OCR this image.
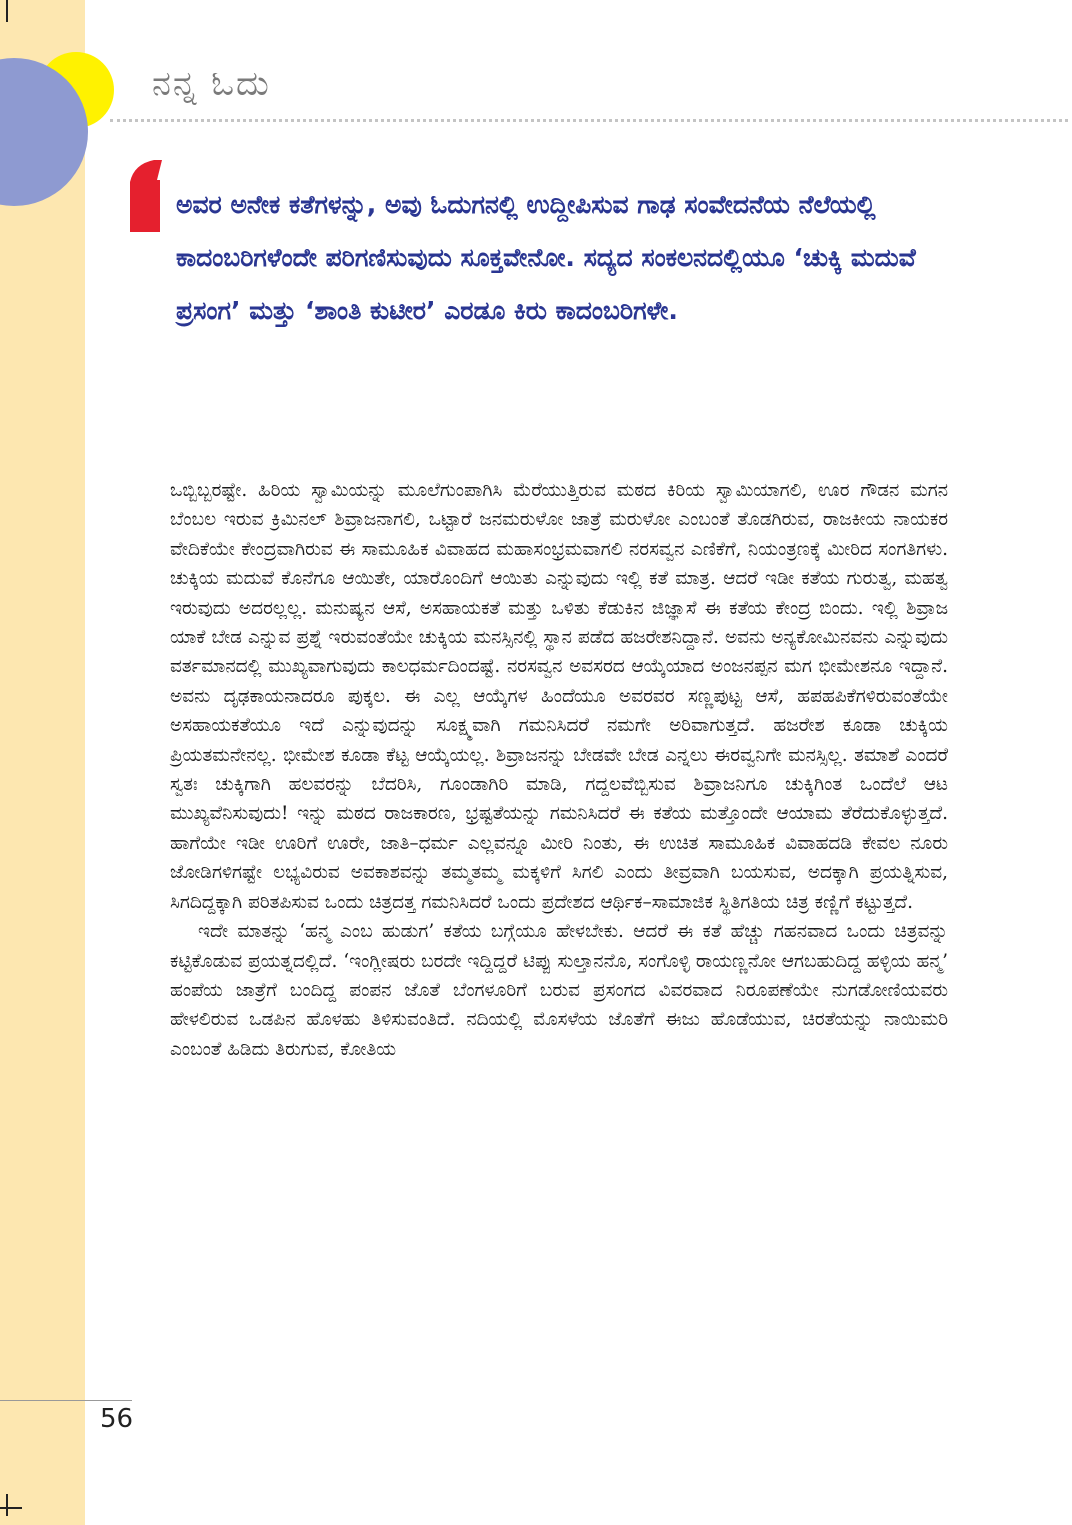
ನನ್ನ ಓದು

ಅವರ ಅನೇಕ ಕತೆಗಳನ್ನು, ಅವು ಓದುಗನಲ್ಲಿ ಉದ್ದೀಪಿಸುವ ಗಾಢ ಸಂವೇದನೆಯ ನೆಲೆಯಲ್ಲಿ ಕಾದಂಬರಿಗಳೆಂದೇ ಪರಿಗಣಿಸುವುದು ಸೂಕ್ತವೇನೋ. ಸದ್ಯದ ಸಂಕಲನದಲ್ಲಿಯೂ ‘ಚುಕ್ಕಿ ಮದುವೆ ಪ್ರಸಂಗ’ ಮತ್ತು ‘ಶಾಂತಿ ಕುಟೀರ’ ಎರಡೂ ಕಿರು ಕಾದಂಬರಿಗಳೇ.

ಒಬ್ಬಿಬ್ಬರಷ್ಟೇ. ಹಿರಿಯ ಸ್ವಾಮಿಯನ್ನು ಮೂಲೆಗುಂಪಾಗಿಸಿ ಮೆರೆಯುತ್ತಿರುವ ಮಠದ ಕಿರಿಯ ಸ್ವಾಮಿಯಾಗಲಿ, ಊರ ಗೌಡನ ಮಗನ ಬೆಂಬಲ ಇರುವ ಕ್ರಿಮಿನಲ್ ಶಿವ್ರಾಜನಾಗಲಿ, ಒಟ್ಟಾರೆ ಜನಮರುಳೋ ಜಾತ್ರೆ ಮರುಳೋ ಎಂಬಂತೆ ತೊಡಗಿರುವ, ರಾಜಕೀಯ ನಾಯಕರ ವೇದಿಕೆಯೇ ಕೇಂದ್ರವಾಗಿರುವ ಈ ಸಾಮೂಹಿಕ ವಿವಾಹದ ಮಹಾಸಂಭ್ರಮವಾಗಲಿ ನರಸವ್ವನ ಎಣಿಕೆಗೆ, ನಿಯಂತ್ರಣಕ್ಕೆ ಮೀರಿದ ಸಂಗತಿಗಳು. ಚುಕ್ಕಿಯ ಮದುವೆ ಕೊನೆಗೂ ಆಯಿತೇ, ಯಾರೊಂದಿಗೆ ಆಯಿತು ಎನ್ನುವುದು ಇಲ್ಲಿ ಕತೆ ಮಾತ್ರ. ಆದರೆ ಇಡೀ ಕತೆಯ ಗುರುತ್ವ, ಮಹತ್ವ ಇರುವುದು ಅದರಲ್ಲಲ್ಲ. ಮನುಷ್ಯನ ಆಸೆ, ಅಸಹಾಯಕತೆ ಮತ್ತು ಒಳಿತು ಕೆಡುಕಿನ ಜಿಜ್ಞಾಸೆ ಈ ಕತೆಯ ಕೇಂದ್ರ ಬಿಂದು. ಇಲ್ಲಿ ಶಿವ್ರಾಜ ಯಾಕೆ ಬೇಡ ಎನ್ನುವ ಪ್ರಶ್ನೆ ಇರುವಂತೆಯೇ ಚುಕ್ಕಿಯ ಮನಸ್ಸಿನಲ್ಲಿ ಸ್ಥಾನ ಪಡೆದ ಹಜರೇಶನಿದ್ದಾನೆ. ಅವನು ಅನ್ಯಕೋಮಿನವನು ಎನ್ನುವುದು ವರ್ತಮಾನದಲ್ಲಿ ಮುಖ್ಯವಾಗುವುದು ಕಾಲಧರ್ಮದಿಂದಷ್ಟೆ. ನರಸವ್ವನ ಅವಸರದ ಆಯ್ಕೆಯಾದ ಅಂಜನಪ್ಪನ ಮಗ ಭೀಮೇಶನೂ ಇದ್ದಾನೆ. ಅವನು ದೃಢಕಾಯನಾದರೂ ಪುಕ್ಕಲ. ಈ ಎಲ್ಲ ಆಯ್ಕೆಗಳ ಹಿಂದೆಯೂ ಅವರವರ ಸಣ್ಣಪುಟ್ಟ ಆಸೆ, ಹಪಹಪಿಕೆಗಳಿರುವಂತೆಯೇ ಅಸಹಾಯಕತೆಯೂ ಇದೆ ಎನ್ನುವುದನ್ನು ಸೂಕ್ಷ್ಮವಾಗಿ ಗಮನಿಸಿದರೆ ನಮಗೇ ಅರಿವಾಗುತ್ತದೆ. ಹಜರೇಶ ಕೂಡಾ ಚುಕ್ಕಿಯ ಪ್ರಿಯತಮನೇನಲ್ಲ. ಭೀಮೇಶ ಕೂಡಾ ಕೆಟ್ಟ ಆಯ್ಕೆಯಲ್ಲ. ಶಿವ್ರಾಜನನ್ನು ಬೇಡವೇ ಬೇಡ ಎನ್ನಲು ಈರವ್ವನಿಗೇ ಮನಸ್ಸಿಲ್ಲ. ತಮಾಶೆ ಎಂದರೆ ಸ್ವತಃ ಚುಕ್ಕಿಗಾಗಿ ಹಲವರನ್ನು ಬೆದರಿಸಿ, ಗೂಂಡಾಗಿರಿ ಮಾಡಿ, ಗದ್ದಲವೆಬ್ಬಿಸುವ ಶಿವ್ರಾಜನಿಗೂ ಚುಕ್ಕಿಗಿಂತ ಒಂದೆಲೆ ಆಟ ಮುಖ್ಯವೆನಿಸುವುದು! ಇನ್ನು ಮಠದ ರಾಜಕಾರಣ, ಭ್ರಷ್ಟತೆಯನ್ನು ಗಮನಿಸಿದರೆ ಈ ಕತೆಯ ಮತ್ತೊಂದೇ ಆಯಾಮ ತೆರೆದುಕೊಳ್ಳುತ್ತದೆ. ಹಾಗೆಯೇ ಇಡೀ ಊರಿಗೆ ಊರೇ, ಜಾತಿ–ಧರ್ಮ ಎಲ್ಲವನ್ನೂ ಮೀರಿ ನಿಂತು, ಈ ಉಚಿತ ಸಾಮೂಹಿಕ ವಿವಾಹದಡಿ ಕೇವಲ ನೂರು ಜೋಡಿಗಳಿಗಷ್ಟೇ ಲಭ್ಯವಿರುವ ಅವಕಾಶವನ್ನು ತಮ್ಮತಮ್ಮ ಮಕ್ಕಳಿಗೆ ಸಿಗಲಿ ಎಂದು ತೀವ್ರವಾಗಿ ಬಯಸುವ, ಅದಕ್ಕಾಗಿ ಪ್ರಯತ್ನಿಸುವ, ಸಿಗದಿದ್ದಕ್ಕಾಗಿ ಪರಿತಪಿಸುವ ಒಂದು ಚಿತ್ರದತ್ತ ಗಮನಿಸಿದರೆ ಒಂದು ಪ್ರದೇಶದ ಆರ್ಥಿಕ–ಸಾಮಾಜಿಕ ಸ್ಥಿತಿಗತಿಯ ಚಿತ್ರ ಕಣ್ಣಿಗೆ ಕಟ್ಟುತ್ತದೆ.

ಇದೇ ಮಾತನ್ನು ‘ಹನ್ಮ ಎಂಬ ಹುಡುಗ’ ಕತೆಯ ಬಗ್ಗೆಯೂ ಹೇಳಬೇಕು. ಆದರೆ ಈ ಕತೆ ಹೆಚ್ಚು ಗಹನವಾದ ಒಂದು ಚಿತ್ರವನ್ನು ಕಟ್ಟಿಕೊಡುವ ಪ್ರಯತ್ನದಲ್ಲಿದೆ. ‘ಇಂಗ್ಲೀಷರು ಬರದೇ ಇದ್ದಿದ್ದರೆ ಟಿಪ್ಪು ಸುಲ್ತಾನನೊ, ಸಂಗೊಳ್ಳಿ ರಾಯಣ್ಣನೋ ಆಗಬಹುದಿದ್ದ ಹಳ್ಳಿಯ ಹನ್ಮ’ ಹಂಪೆಯ ಜಾತ್ರೆಗೆ ಬಂದಿದ್ದ ಪಂಪನ ಜೊತೆ ಬೆಂಗಳೂರಿಗೆ ಬರುವ ಪ್ರಸಂಗದ ವಿವರವಾದ ನಿರೂಪಣೆಯೇ ನುಗಡೋಣಿಯವರು ಹೇಳಲಿರುವ ಒಡಪಿನ ಹೊಳಹು ತಿಳಿಸುವಂತಿದೆ. ನದಿಯಲ್ಲಿ ಮೊಸಳೆಯ ಜೊತೆಗೆ ಈಜು ಹೊಡೆಯುವ, ಚಿರತೆಯನ್ನು ನಾಯಿಮರಿ ಎಂಬಂತೆ ಹಿಡಿದು ತಿರುಗುವ, ಕೋತಿಯ

56
